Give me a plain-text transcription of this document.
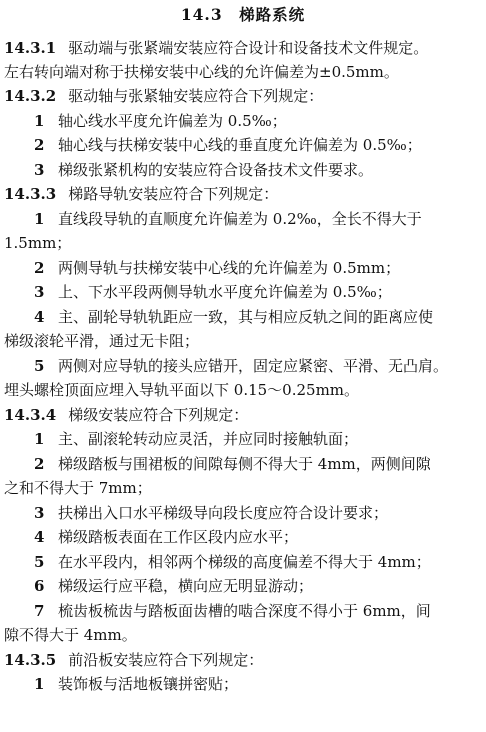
14.3　梯路系统
14.3.1 驱动端与张紧端安装应符合设计和设备技术文件规定。
左右转向端对称于扶梯安装中心线的允许偏差为±0.5mm。
14.3.2 驱动轴与张紧轴安装应符合下列规定：
1 轴心线水平度允许偏差为 0.5‰；
2 轴心线与扶梯安装中心线的垂直度允许偏差为 0.5‰；
3 梯级张紧机构的安装应符合设备技术文件要求。
14.3.3 梯路导轨安装应符合下列规定：
1 直线段导轨的直顺度允许偏差为 0.2‰，全长不得大于
1.5mm；
2 两侧导轨与扶梯安装中心线的允许偏差为 0.5mm；
3 上、下水平段两侧导轨水平度允许偏差为 0.5‰；
4 主、副轮导轨轨距应一致，其与相应反轨之间的距离应使
梯级滚轮平滑，通过无卡阻；
5 两侧对应导轨的接头应错开，固定应紧密、平滑、无凸肩。
埋头螺栓顶面应埋入导轨平面以下 0.15～0.25mm。
14.3.4 梯级安装应符合下列规定：
1 主、副滚轮转动应灵活，并应同时接触轨面；
2 梯级踏板与围裙板的间隙每侧不得大于 4mm，两侧间隙
之和不得大于 7mm；
3 扶梯出入口水平梯级导向段长度应符合设计要求；
4 梯级踏板表面在工作区段内应水平；
5 在水平段内，相邻两个梯级的高度偏差不得大于 4mm；
6 梯级运行应平稳，横向应无明显游动；
7 梳齿板梳齿与踏板面齿槽的啮合深度不得小于 6mm，间
隙不得大于 4mm。
14.3.5 前沿板安装应符合下列规定：
1 装饰板与活地板镶拼密贴；
